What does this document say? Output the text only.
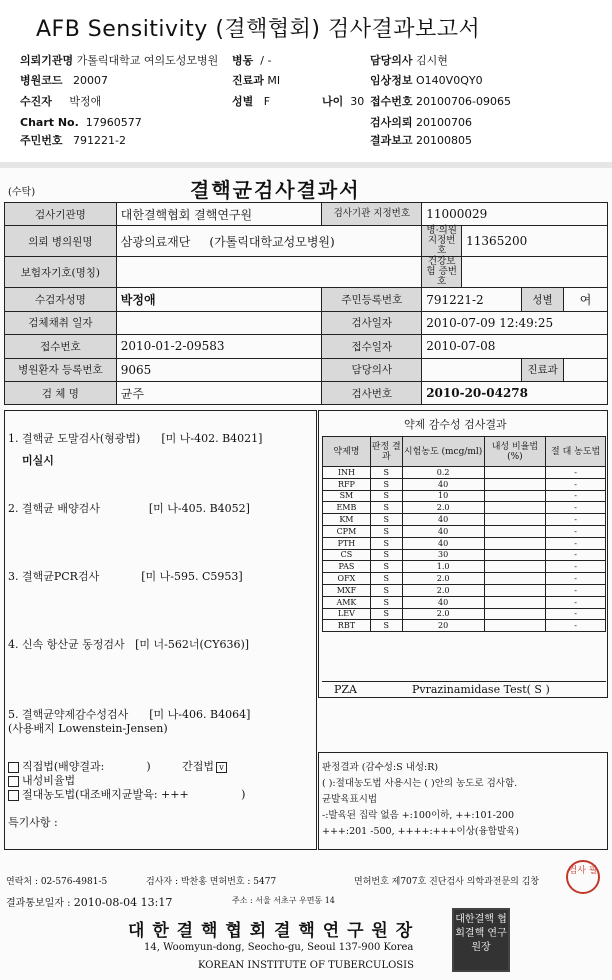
AFB Sensitivity (결핵협회) 검사결과보고서
의뢰기관명 가톨릭대학교 여의도성모병원 병동 / -	담당의사 김시현
병원코드 20007	진료과 MI	임상정보 O140V0QY0
수진자 박정애	성별 F	나이 30 접수번호 20100706-09065
Chart No. 17960577	검사의뢰 20100706
주민번호 791221-2	결과보고 20100805
(수탁)	결핵균검사결과서
검사기관명	대한결핵협회 결핵연구원	검사기관 지정번호	11000029			
의뢰 병의원명	삼광의료재단 (가톨릭대학교성모병원)		병·의원 지정번호	11365200		
보험자기호(명칭)			건강보험 증번호			
수검자성명	박정애	주민등록번호	791221-2		성별	여
검체채취 일자		검사일자	2010-07-09 12:49:25			
접수번호	2010-01-2-09583	접수일자	2010-07-08			
병원환자 등록번호	9065	담당의사			진료과	
검 체 명	균주	검사번호	2010-20-04278			
1. 결핵균 도말검사(형광법) [미 나-402. B4021]
미실시
2. 결핵균 배양검사	[미 나-405. B4052]
3. 결핵균PCR검사	[미 나-595. C5953]
4. 신속 항산균 동정검사 [미 너-562너(CY636)]
5. 결핵균약제감수성검사 [미 나-406. B4064]
(사용배지 Lowenstein-Jensen)
직접법(배양결과:	)	간접법 v
내성비율법
절대농도법(대조배지균발육: +++	)
특기사항 :
약제 감수성 검사결과
약제명	판정 결과	시험농도 (mcg/ml)	내성 비율법(%)	절 대 농도법
INH	S	0.2		-
RFP	S	40		-
SM	S	10		-
EMB	S	2.0		-
KM	S	40		-
CPM	S	40		-
PTH	S	40		-
CS	S	30		-
PAS	S	1.0		-
OFX	S	2.0		-
MXF	S	2.0		-
AMK	S	40		-
LEV	S	2.0		-
RBT	S	20		-
PZA	Pvrazinamidase Test( S )
판정결과 (감수성:S 내성:R)
( ):절대농도법 사용시는 ( )안의 농도로 검사함.
균발육표시법
-:발육된 집락 없음 +:100이하, ++:101-200
+++:201 -500, ++++:+++이상(융합발육)
연락처 : 02-576-4981-5	검사자 : 박찬홍 면허번호 : 5477	면허번호 제707호 진단검사 의학과전문의 김창
검사 필
결과통보일자 : 2010-08-04 13:17	주소 : 서울 서초구 우면동 14
대 한 결 핵 협 회 결 핵 연 구 원 장
14, Woomyun-dong, Seocho-gu, Seoul 137-900 Korea
KOREAN INSTITUTE OF TUBERCULOSIS
대한결핵 협회결핵 연구원장
